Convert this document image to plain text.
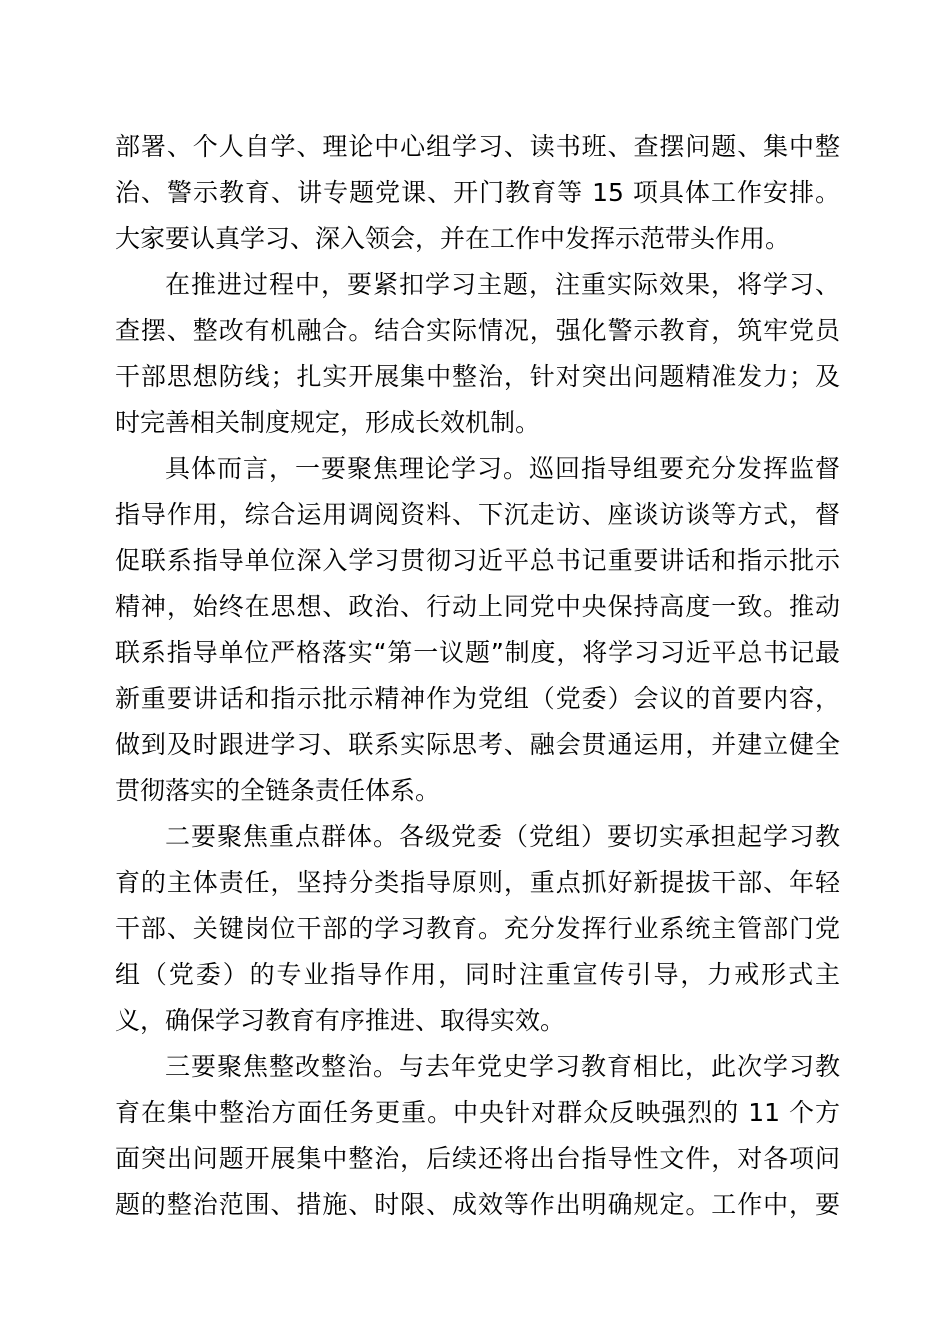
部署、个人自学、理论中心组学习、读书班、查摆问题、集中整
治、警示教育、讲专题党课、开门教育等 15 项具体工作安排。
大家要认真学习、深入领会，并在工作中发挥示范带头作用。
在推进过程中，要紧扣学习主题，注重实际效果，将学习、
查摆、整改有机融合。结合实际情况，强化警示教育，筑牢党员
干部思想防线；扎实开展集中整治，针对突出问题精准发力；及
时完善相关制度规定，形成长效机制。
具体而言，一要聚焦理论学习。巡回指导组要充分发挥监督
指导作用，综合运用调阅资料、下沉走访、座谈访谈等方式，督
促联系指导单位深入学习贯彻习近平总书记重要讲话和指示批示
精神，始终在思想、政治、行动上同党中央保持高度一致。推动
联系指导单位严格落实“第一议题”制度，将学习习近平总书记最
新重要讲话和指示批示精神作为党组（党委）会议的首要内容，
做到及时跟进学习、联系实际思考、融会贯通运用，并建立健全
贯彻落实的全链条责任体系。
二要聚焦重点群体。各级党委（党组）要切实承担起学习教
育的主体责任，坚持分类指导原则，重点抓好新提拔干部、年轻
干部、关键岗位干部的学习教育。充分发挥行业系统主管部门党
组（党委）的专业指导作用，同时注重宣传引导，力戒形式主
义，确保学习教育有序推进、取得实效。
三要聚焦整改整治。与去年党史学习教育相比，此次学习教
育在集中整治方面任务更重。中央针对群众反映强烈的 11 个方
面突出问题开展集中整治，后续还将出台指导性文件，对各项问
题的整治范围、措施、时限、成效等作出明确规定。工作中，要
